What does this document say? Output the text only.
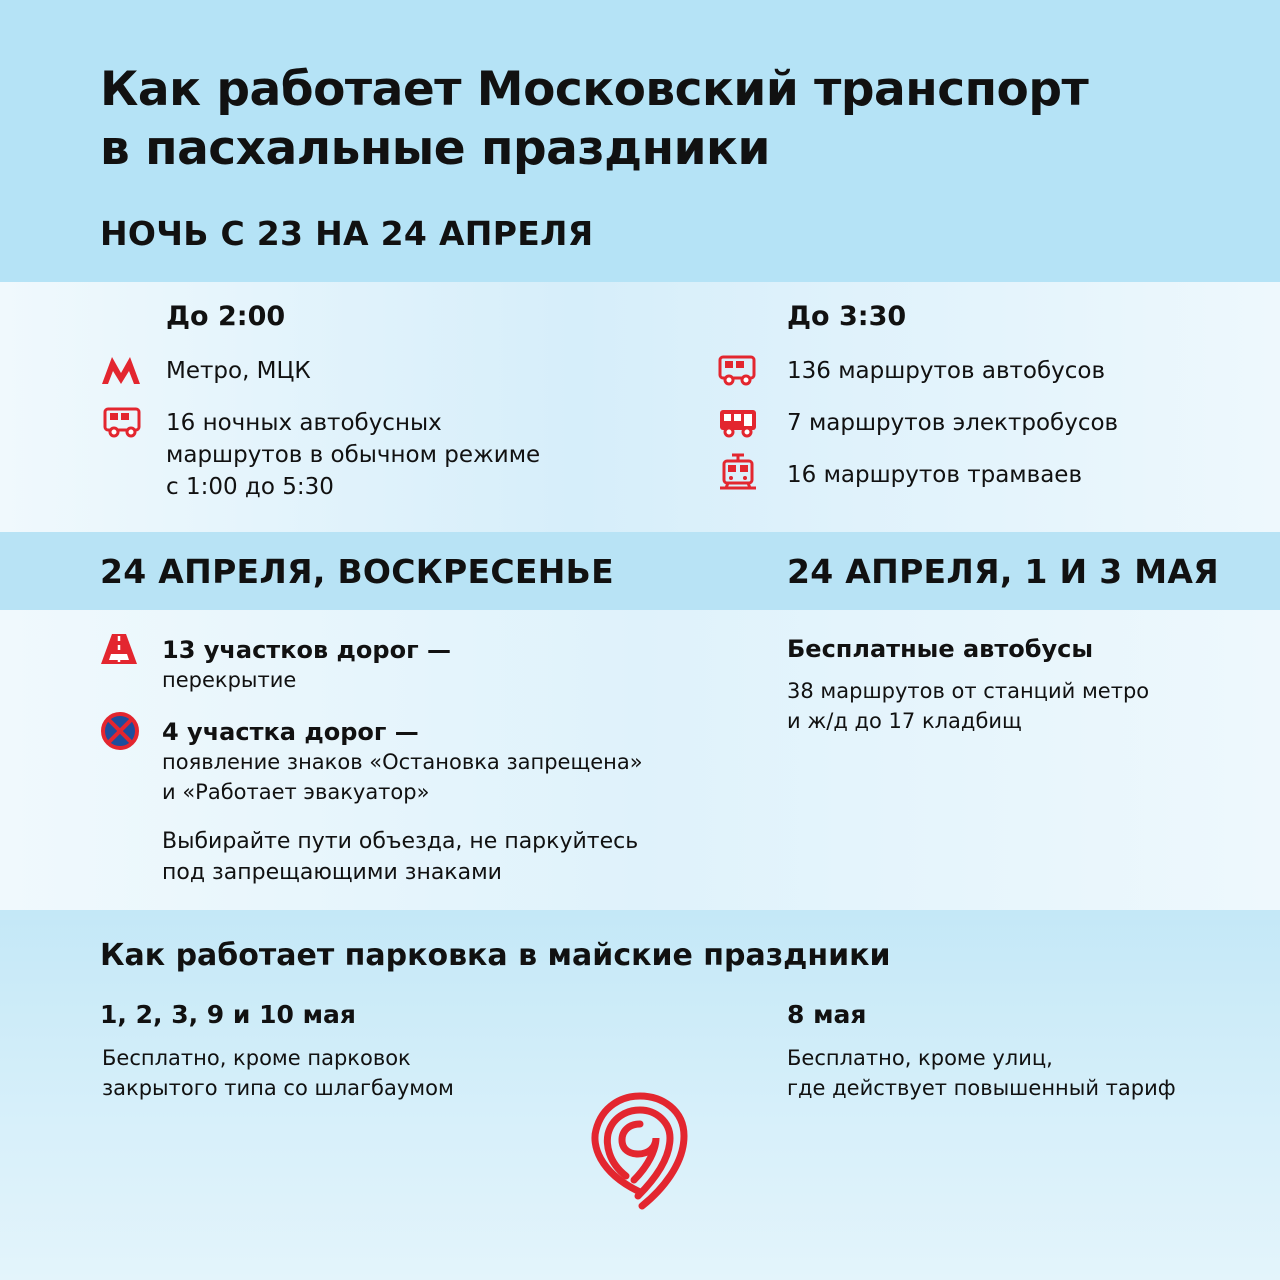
Как работает Московский транспорт
в пасхальные праздники
НОЧЬ С 23 НА 24 АПРЕЛЯ
До 2:00
Метро, МЦК
16 ночных автобусных
маршрутов в обычном режиме
с 1:00 до 5:30
До 3:30
136 маршрутов автобусов
7 маршрутов электробусов
16 маршрутов трамваев
24 АПРЕЛЯ, ВОСКРЕСЕНЬЕ	24 АПРЕЛЯ, 1 И 3 МАЯ
13 участков дорог —
перекрытие
4 участка дорог —
появление знаков «Остановка запрещена»
и «Работает эвакуатор»
Выбирайте пути объезда, не паркуйтесь
под запрещающими знаками
Бесплатные автобусы
38 маршрутов от станций метро
и ж/д до 17 кладбищ
Как работает парковка в майские праздники
1, 2, 3, 9 и 10 мая
Бесплатно, кроме парковок
закрытого типа со шлагбаумом
8 мая
Бесплатно, кроме улиц,
где действует повышенный тариф
